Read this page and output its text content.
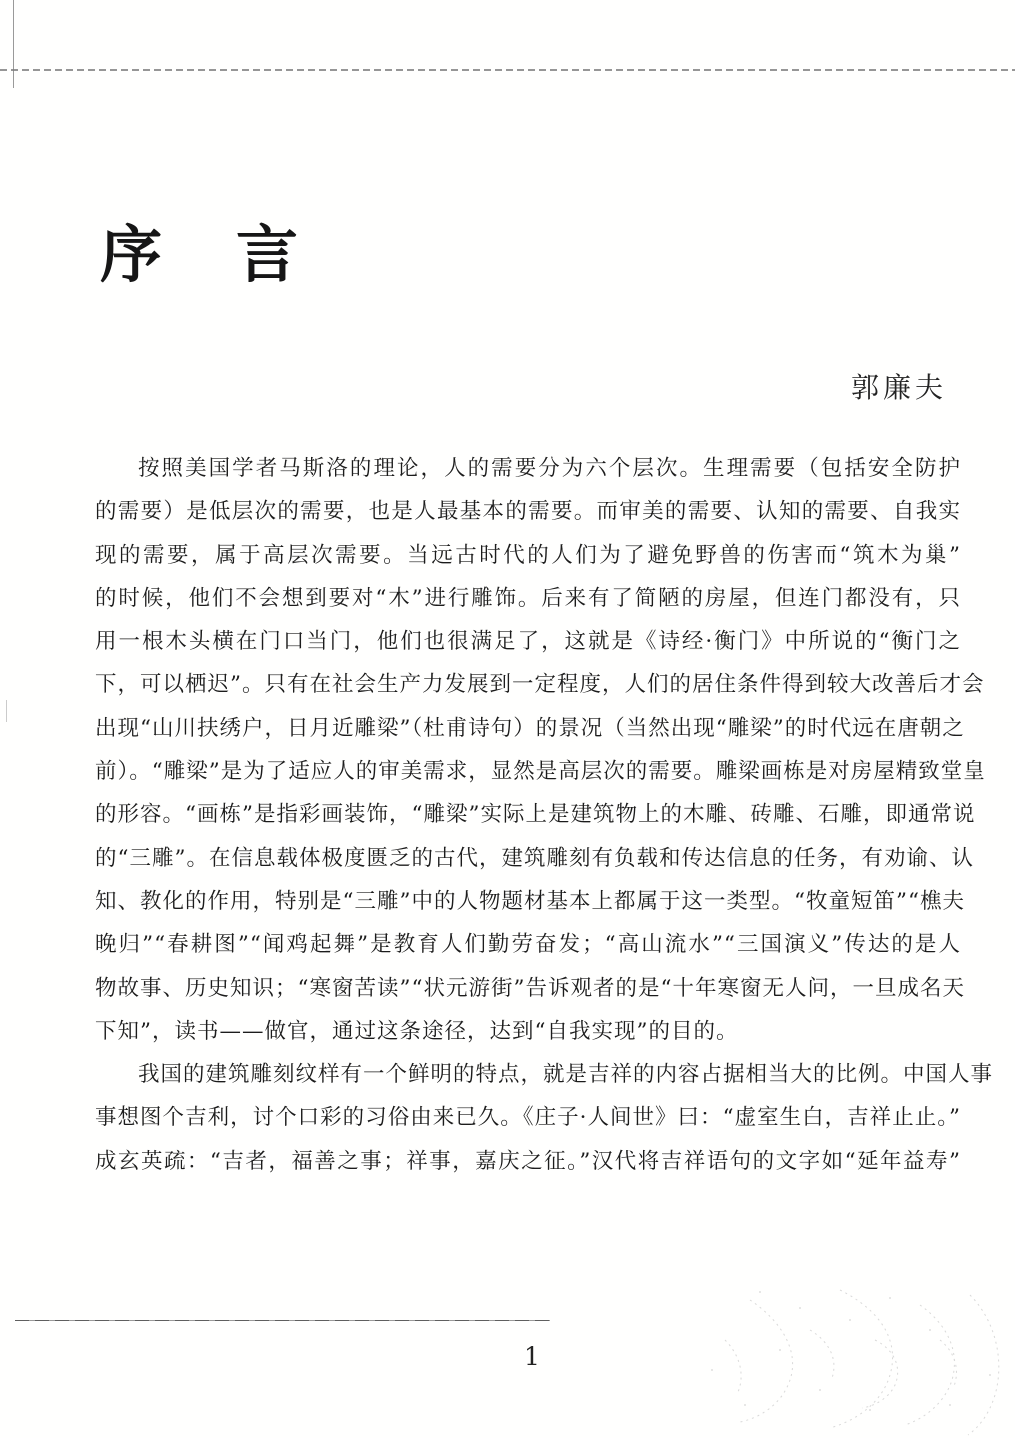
序　言
郭廉夫
按照美国学者马斯洛的理论，人的需要分为六个层次。生理需要（包括安全防护
的需要）是低层次的需要，也是人最基本的需要。而审美的需要、认知的需要、自我实
现的需要，属于高层次需要。当远古时代的人们为了避免野兽的伤害而“筑木为巢”
的时候，他们不会想到要对“木”进行雕饰。后来有了简陋的房屋，但连门都没有，只
用一根木头横在门口当门，他们也很满足了，这就是《诗经·衡门》中所说的“衡门之
下，可以栖迟”。只有在社会生产力发展到一定程度，人们的居住条件得到较大改善后才会
出现“山川扶绣户，日月近雕梁”（杜甫诗句）的景况（当然出现“雕梁”的时代远在唐朝之
前）。“雕梁”是为了适应人的审美需求，显然是高层次的需要。雕梁画栋是对房屋精致堂皇
的形容。“画栋”是指彩画装饰，“雕梁”实际上是建筑物上的木雕、砖雕、石雕，即通常说
的“三雕”。在信息载体极度匮乏的古代，建筑雕刻有负载和传达信息的任务，有劝谕、认
知、教化的作用，特别是“三雕”中的人物题材基本上都属于这一类型。“牧童短笛”“樵夫
晚归”“春耕图”“闻鸡起舞”是教育人们勤劳奋发；“高山流水”“三国演义”传达的是人
物故事、历史知识；“寒窗苦读”“状元游街”告诉观者的是“十年寒窗无人问，一旦成名天
下知”，读书——做官，通过这条途径，达到“自我实现”的目的。
我国的建筑雕刻纹样有一个鲜明的特点，就是吉祥的内容占据相当大的比例。中国人事
事想图个吉利，讨个口彩的习俗由来已久。《庄子·人间世》曰：“虚室生白，吉祥止止。”
成玄英疏：“吉者，福善之事；祥事，嘉庆之征。”汉代将吉祥语句的文字如“延年益寿”
1
